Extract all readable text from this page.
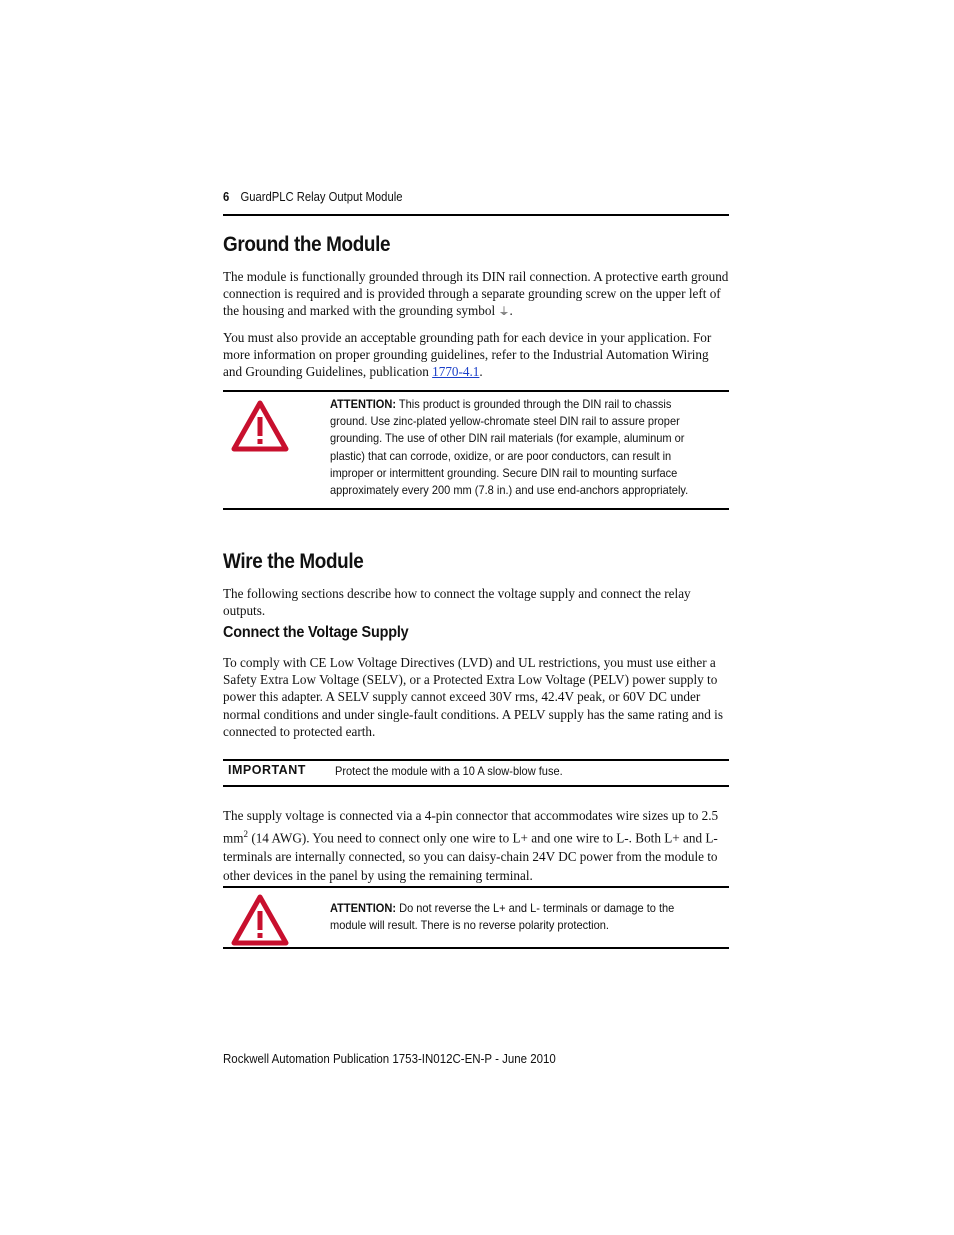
6 GuardPLC Relay Output Module
Ground the Module

The module is functionally grounded through its DIN rail connection. A protective earth ground connection is required and is provided through a separate grounding screw on the upper left of the housing and marked with the grounding symbol ⏚.

You must also provide an acceptable grounding path for each device in your application. For more information on proper grounding guidelines, refer to the Industrial Automation Wiring and Grounding Guidelines, publication 1770-4.1.

ATTENTION: This product is grounded through the DIN rail to chassis ground. Use zinc-plated yellow-chromate steel DIN rail to assure proper grounding. The use of other DIN rail materials (for example, aluminum or plastic) that can corrode, oxidize, or are poor conductors, can result in improper or intermittent grounding. Secure DIN rail to mounting surface approximately every 200 mm (7.8 in.) and use end-anchors appropriately.
Wire the Module

The following sections describe how to connect the voltage supply and connect the relay outputs.

Connect the Voltage Supply

To comply with CE Low Voltage Directives (LVD) and UL restrictions, you must use either a Safety Extra Low Voltage (SELV), or a Protected Extra Low Voltage (PELV) power supply to power this adapter. A SELV supply cannot exceed 30V rms, 42.4V peak, or 60V DC under normal conditions and under single-fault conditions. A PELV supply has the same rating and is connected to protected earth.

IMPORTANT Protect the module with a 10 A slow-blow fuse.

The supply voltage is connected via a 4-pin connector that accommodates wire sizes up to 2.5 $mm^2$ (14 AWG). You need to connect only one wire to L+ and one wire to L-. Both L+ and L- terminals are internally connected, so you can daisy-chain 24V DC power from the module to other devices in the panel by using the remaining terminal.

ATTENTION: Do not reverse the L+ and L- terminals or damage to the module will result. There is no reverse polarity protection.
Rockwell Automation Publication 1753-IN012C-EN-P - June 2010
